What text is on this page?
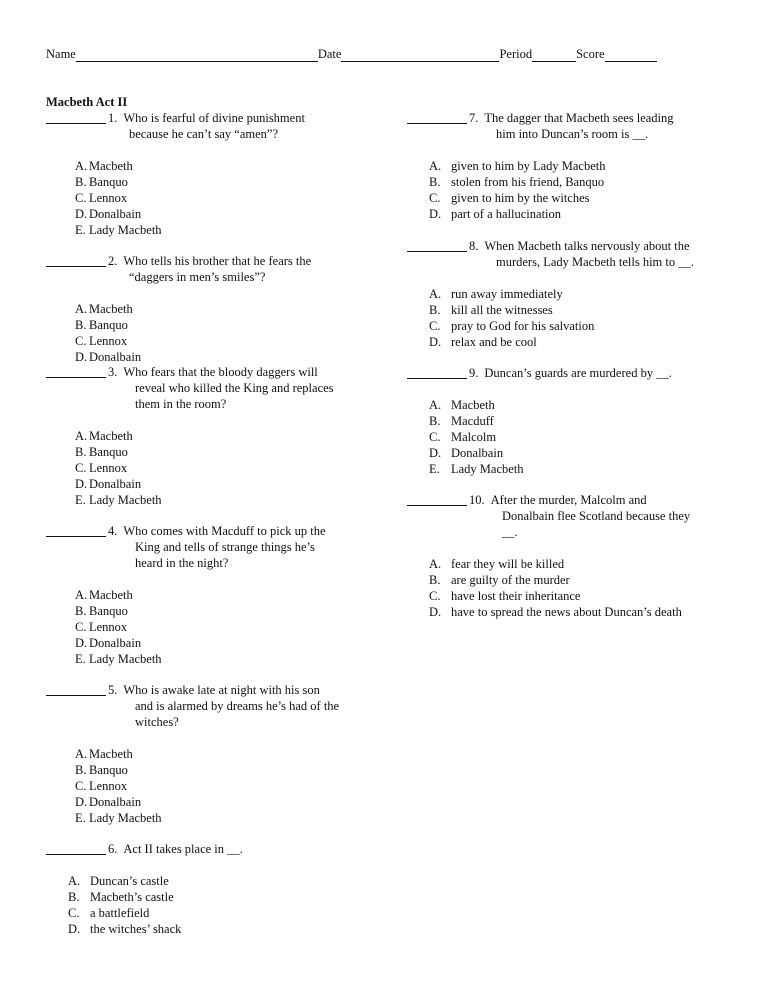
Name	Date	Period	Score
Macbeth Act II
1. Who is fearful of divine punishment
because he can’t say “amen”?
A. Macbeth
B. Banquo
C. Lennox
D. Donalbain
E. Lady Macbeth
2. Who tells his brother that he fears the
“daggers in men’s smiles”?
A. Macbeth
B. Banquo
C. Lennox
D. Donalbain
3. Who fears that the bloody daggers will
reveal who killed the King and replaces
them in the room?
A. Macbeth
B. Banquo
C. Lennox
D. Donalbain
E. Lady Macbeth
4. Who comes with Macduff to pick up the
King and tells of strange things he’s
heard in the night?
A. Macbeth
B. Banquo
C. Lennox
D. Donalbain
E. Lady Macbeth
5. Who is awake late at night with his son
and is alarmed by dreams he’s had of the
witches?
A. Macbeth
B. Banquo
C. Lennox
D. Donalbain
E. Lady Macbeth
6. Act II takes place in __.
A. Duncan’s castle
B. Macbeth’s castle
C. a battlefield
D. the witches’ shack
7. The dagger that Macbeth sees leading
him into Duncan’s room is __.
A. given to him by Lady Macbeth
B. stolen from his friend, Banquo
C. given to him by the witches
D. part of a hallucination
8. When Macbeth talks nervously about the
murders, Lady Macbeth tells him to __.
A. run away immediately
B. kill all the witnesses
C. pray to God for his salvation
D. relax and be cool
9. Duncan’s guards are murdered by __.
A. Macbeth
B. Macduff
C. Malcolm
D. Donalbain
E. Lady Macbeth
10. After the murder, Malcolm and
Donalbain flee Scotland because they
__.
A. fear they will be killed
B. are guilty of the murder
C. have lost their inheritance
D. have to spread the news about Duncan’s death
